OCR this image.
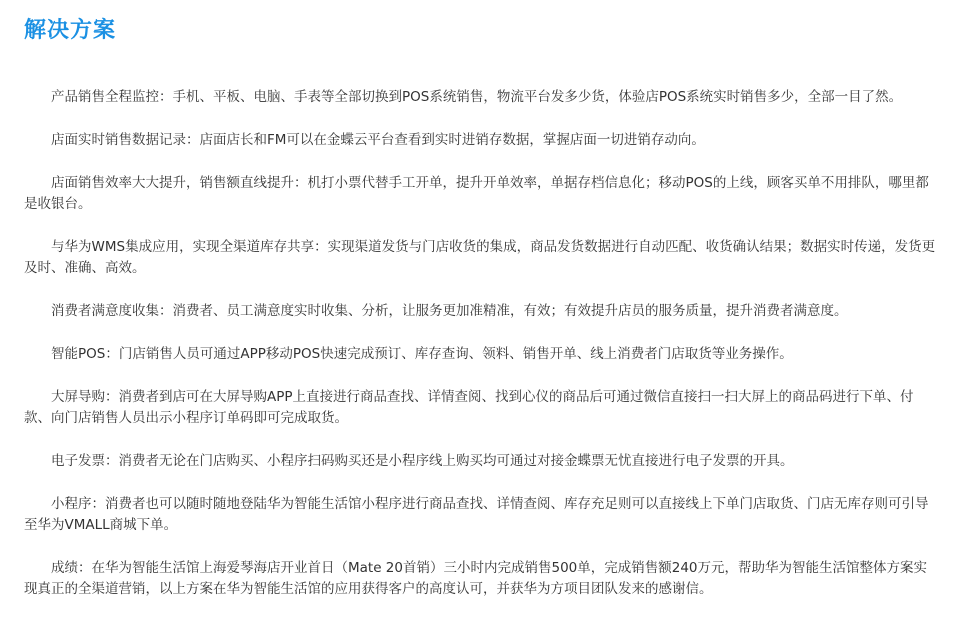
解决方案

产品销售全程监控：手机、平板、电脑、手表等全部切换到POS系统销售，物流平台发多少货，体验店POS系统实时销售多少，全部一目了然。

店面实时销售数据记录：店面店长和FM可以在金蝶云平台查看到实时进销存数据，掌握店面一切进销存动向。

店面销售效率大大提升，销售额直线提升：机打小票代替手工开单，提升开单效率，单据存档信息化；移动POS的上线，顾客买单不用排队，哪里都是收银台。

与华为WMS集成应用，实现全渠道库存共享：实现渠道发货与门店收货的集成，商品发货数据进行自动匹配、收货确认结果；数据实时传递，发货更及时、准确、高效。

消费者满意度收集：消费者、员工满意度实时收集、分析，让服务更加准精准，有效；有效提升店员的服务质量，提升消费者满意度。

智能POS：门店销售人员可通过APP移动POS快速完成预订、库存查询、领料、销售开单、线上消费者门店取货等业务操作。

大屏导购：消费者到店可在大屏导购APP上直接进行商品查找、详情查阅、找到心仪的商品后可通过微信直接扫一扫大屏上的商品码进行下单、付款、向门店销售人员出示小程序订单码即可完成取货。

电子发票：消费者无论在门店购买、小程序扫码购买还是小程序线上购买均可通过对接金蝶票无忧直接进行电子发票的开具。

小程序：消费者也可以随时随地登陆华为智能生活馆小程序进行商品查找、详情查阅、库存充足则可以直接线上下单门店取货、门店无库存则可引导至华为VMALL商城下单。

成绩：在华为智能生活馆上海爱琴海店开业首日（Mate 20首销）三小时内完成销售500单，完成销售额240万元，帮助华为智能生活馆整体方案实现真正的全渠道营销，以上方案在华为智能生活馆的应用获得客户的高度认可，并获华为方项目团队发来的感谢信。
